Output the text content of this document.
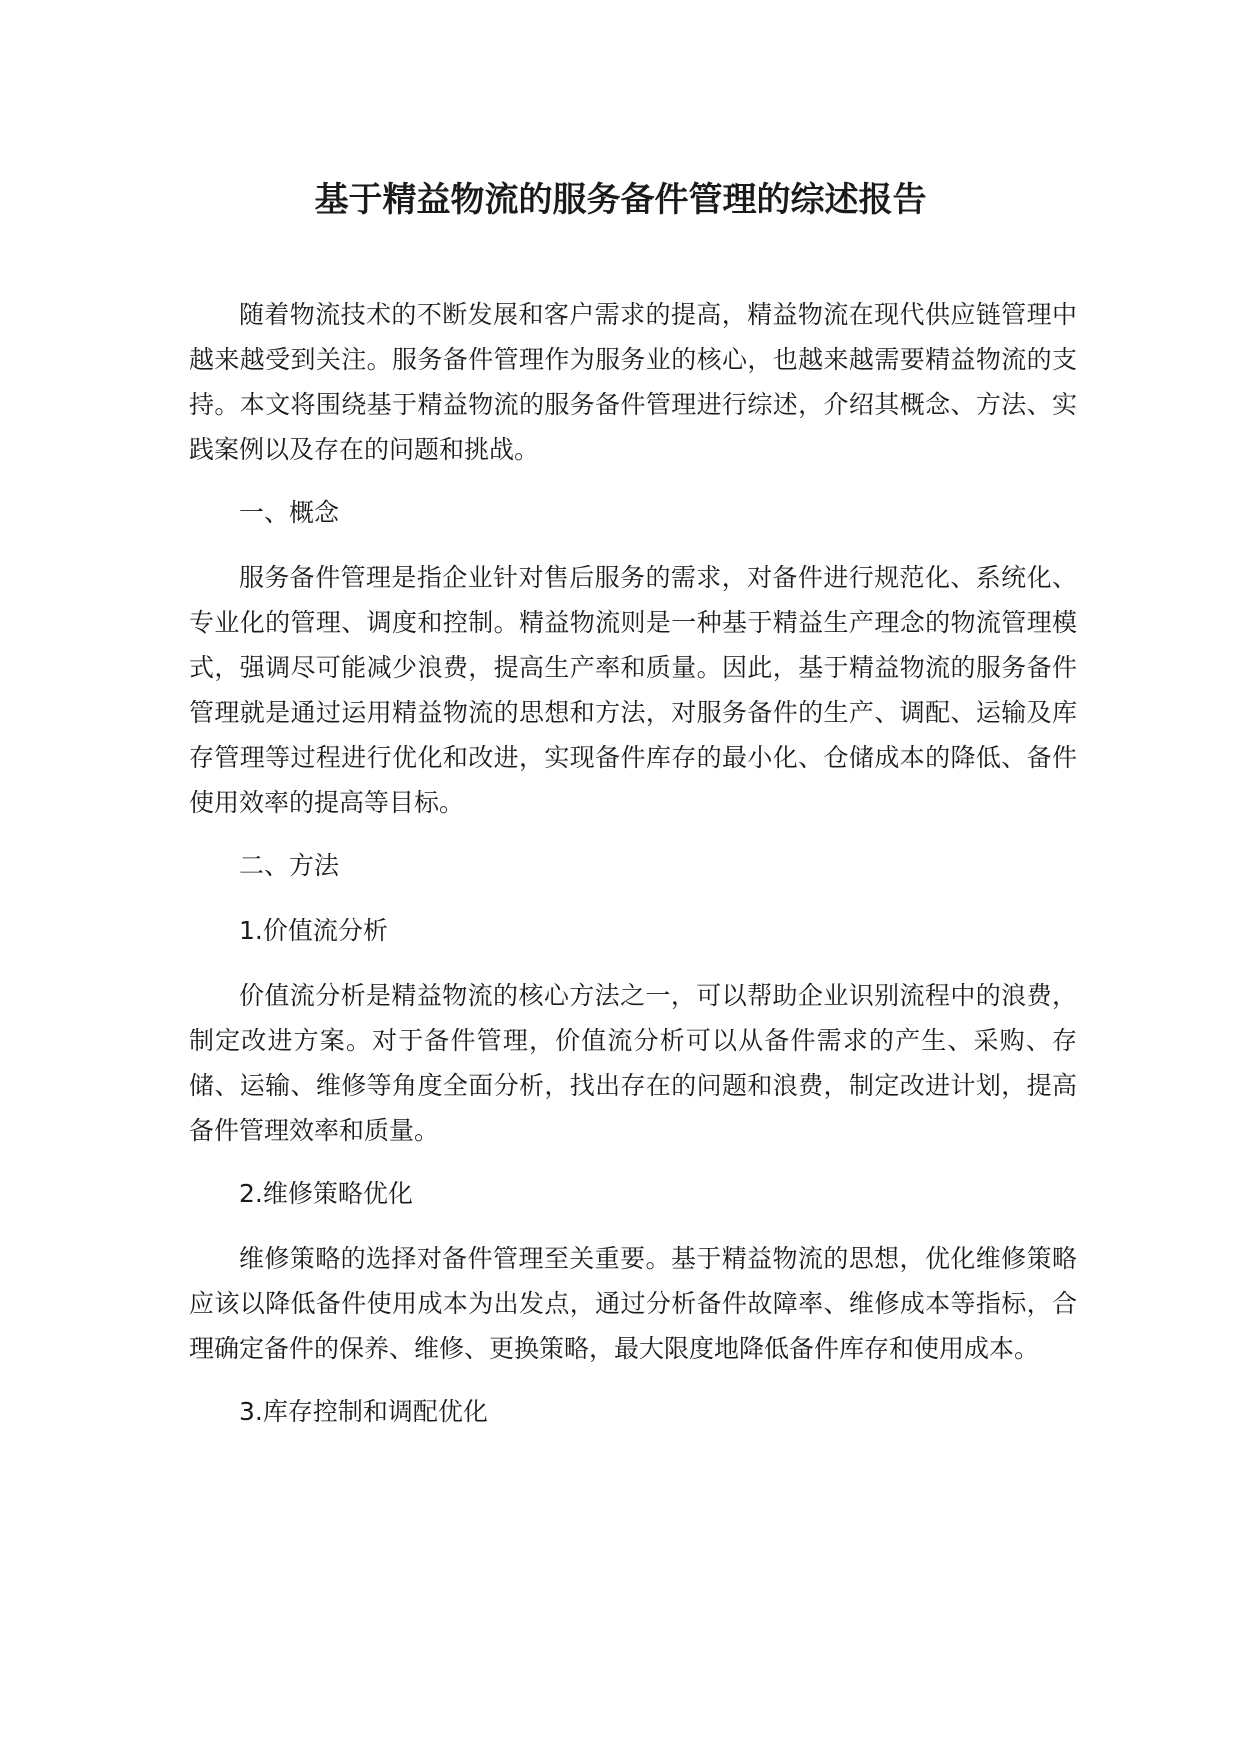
基于精益物流的服务备件管理的综述报告

随着物流技术的不断发展和客户需求的提高，精益物流在现代供应链管理中越来越受到关注。服务备件管理作为服务业的核心，也越来越需要精益物流的支持。本文将围绕基于精益物流的服务备件管理进行综述，介绍其概念、方法、实践案例以及存在的问题和挑战。

一、概念

服务备件管理是指企业针对售后服务的需求，对备件进行规范化、系统化、专业化的管理、调度和控制。精益物流则是一种基于精益生产理念的物流管理模式，强调尽可能减少浪费，提高生产率和质量。因此，基于精益物流的服务备件管理就是通过运用精益物流的思想和方法，对服务备件的生产、调配、运输及库存管理等过程进行优化和改进，实现备件库存的最小化、仓储成本的降低、备件使用效率的提高等目标。

二、方法

1.价值流分析

价值流分析是精益物流的核心方法之一，可以帮助企业识别流程中的浪费，制定改进方案。对于备件管理，价值流分析可以从备件需求的产生、采购、存储、运输、维修等角度全面分析，找出存在的问题和浪费，制定改进计划，提高备件管理效率和质量。

2.维修策略优化

维修策略的选择对备件管理至关重要。基于精益物流的思想，优化维修策略应该以降低备件使用成本为出发点，通过分析备件故障率、维修成本等指标，合理确定备件的保养、维修、更换策略，最大限度地降低备件库存和使用成本。

3.库存控制和调配优化
